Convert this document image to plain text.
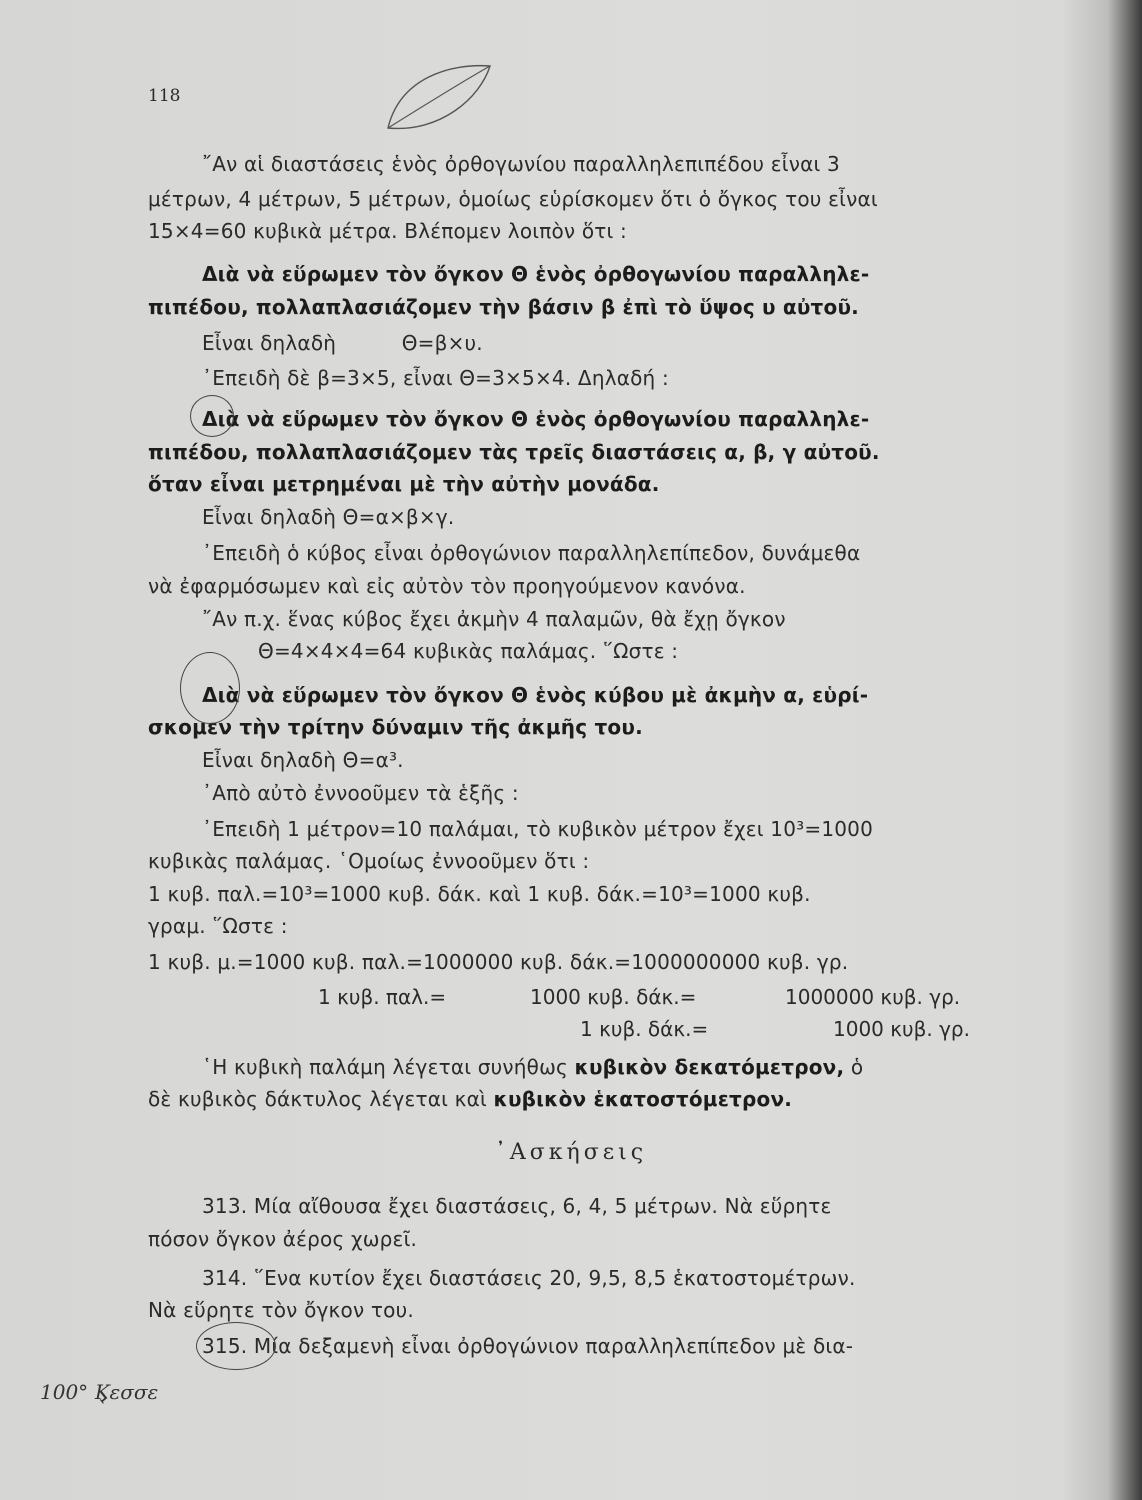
118
῎Αν αἱ διαστάσεις ἑνὸς ὀρθογωνίου παραλληλεπιπέδου εἶναι 3
μέτρων, 4 μέτρων, 5 μέτρων, ὁμοίως εὑρίσκομεν ὅτι ὁ ὄγκος του εἶναι
15×4=60 κυβικὰ μέτρα. Βλέπομεν λοιπὸν ὅτι :
Διὰ νὰ εὕρωμεν τὸν ὄγκον Θ ἑνὸς ὀρθογωνίου παραλληλε-
πιπέδου, πολλαπλασιάζομεν τὴν βάσιν β ἐπὶ τὸ ὕψος υ αὐτοῦ.
Εἶναι δηλαδὴ          Θ=β×υ.
᾽Επειδὴ δὲ β=3×5, εἶναι Θ=3×5×4. Δηλαδή :
Διὰ νὰ εὕρωμεν τὸν ὄγκον Θ ἑνὸς ὀρθογωνίου παραλληλε-
πιπέδου, πολλαπλασιάζομεν τὰς τρεῖς διαστάσεις α, β, γ αὐτοῦ.
ὅταν εἶναι μετρημέναι μὲ τὴν αὐτὴν μονάδα.
Εἶναι δηλαδὴ Θ=α×β×γ.
᾽Επειδὴ ὁ κύβος εἶναι ὀρθογώνιον παραλληλεπίπεδον, δυνάμεθα
νὰ ἐφαρμόσωμεν καὶ εἰς αὐτὸν τὸν προηγούμενον κανόνα.
῎Αν π.χ. ἕνας κύβος ἔχει ἀκμὴν 4 παλαμῶν, θὰ ἔχῃ ὄγκον
Θ=4×4×4=64 κυβικὰς παλάμας. ῞Ωστε :
Διὰ νὰ εὕρωμεν τὸν ὄγκον Θ ἑνὸς κύβου μὲ ἀκμὴν α, εὑρί-
σκομεν τὴν τρίτην δύναμιν τῆς ἀκμῆς του.
Εἶναι δηλαδὴ Θ=α³.
᾽Απὸ αὐτὸ ἐννοοῦμεν τὰ ἑξῆς :
᾽Επειδὴ 1 μέτρον=10 παλάμαι, τὸ κυβικὸν μέτρον ἔχει 10³=1000
κυβικὰς παλάμας. ῾Ομοίως ἐννοοῦμεν ὅτι :
1 κυβ. παλ.=10³=1000 κυβ. δάκ. καὶ 1 κυβ. δάκ.=10³=1000 κυβ.
γραμ. ῞Ωστε :
1 κυβ. μ.=1000 κυβ. παλ.=1000000 κυβ. δάκ.=1000000000 κυβ. γρ.
1 κυβ. παλ.=	1000 κυβ. δάκ.=	1000000 κυβ. γρ.
1 κυβ. δάκ.=	1000 κυβ. γρ.
῾Η κυβικὴ παλάμη λέγεται συνήθως κυβικὸν δεκατόμετρον, ὁ
δὲ κυβικὸς δάκτυλος λέγεται καὶ κυβικὸν ἑκατοστόμετρον.
᾽Ασκήσεις
313. Μία αἴθουσα ἔχει διαστάσεις, 6, 4, 5 μέτρων. Νὰ εὕρητε
πόσον ὄγκον ἀέρος χωρεῖ.
314. ῞Ενα κυτίον ἔχει διαστάσεις 20, 9,5, 8,5 ἑκατοστομέτρων.
Νὰ εὕρητε τὸν ὄγκον του.
315. Μία δεξαμενὴ εἶναι ὀρθογώνιον παραλληλεπίπεδον μὲ δια-
100° Ϗεσσε
